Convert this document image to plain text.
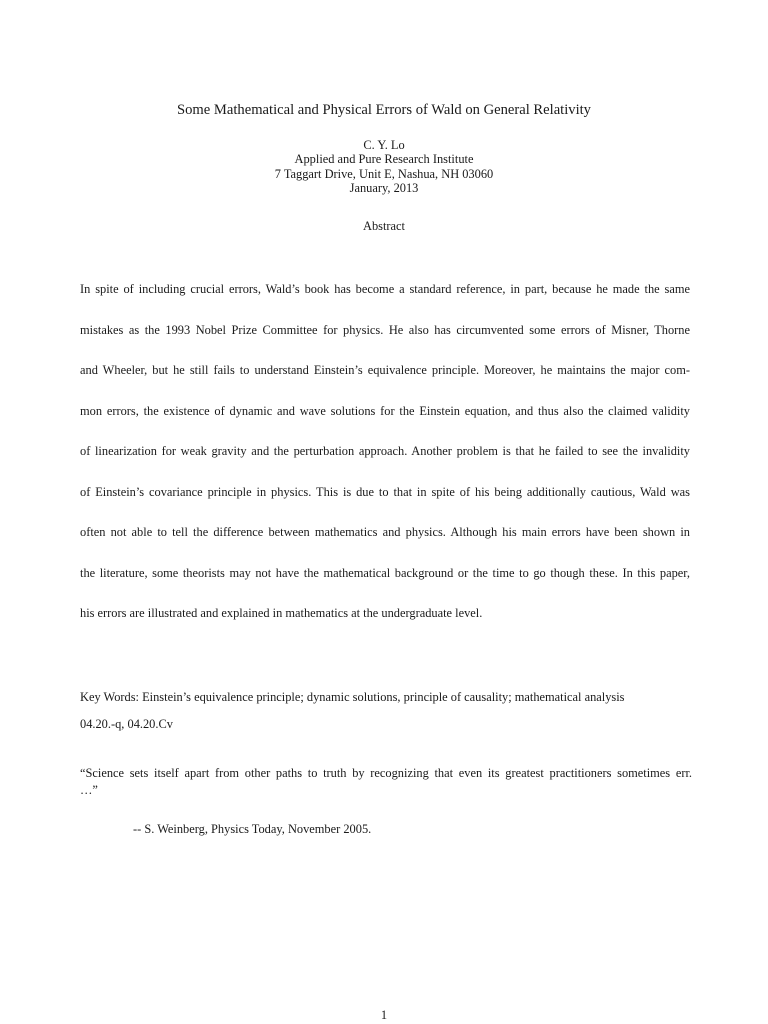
Some Mathematical and Physical Errors of Wald on General Relativity
C. Y. Lo
Applied and Pure Research Institute
7 Taggart Drive, Unit E, Nashua, NH 03060
January, 2013
Abstract
In spite of including crucial errors, Wald’s book has become a standard reference, in part, because he made the same
mistakes as the 1993 Nobel Prize Committee for physics. He also has circumvented some errors of Misner, Thorne
and Wheeler, but he still fails to understand Einstein’s equivalence principle. Moreover, he maintains the major com-
mon errors, the existence of dynamic and wave solutions for the Einstein equation, and thus also the claimed validity
of linearization for weak gravity and the perturbation approach. Another problem is that he failed to see the invalidity
of Einstein’s covariance principle in physics. This is due to that in spite of his being additionally cautious, Wald was
often not able to tell the difference between mathematics and physics. Although his main errors have been shown in
the literature, some theorists may not have the mathematical background or the time to go though these. In this paper,
his errors are illustrated and explained in mathematics at the undergraduate level.
Key Words: Einstein’s equivalence principle; dynamic solutions, principle of causality; mathematical analysis
04.20.-q, 04.20.Cv
“Science sets itself apart from other paths to truth by recognizing that even its greatest practitioners sometimes err.
…”
-- S. Weinberg, Physics Today, November 2005.
1
